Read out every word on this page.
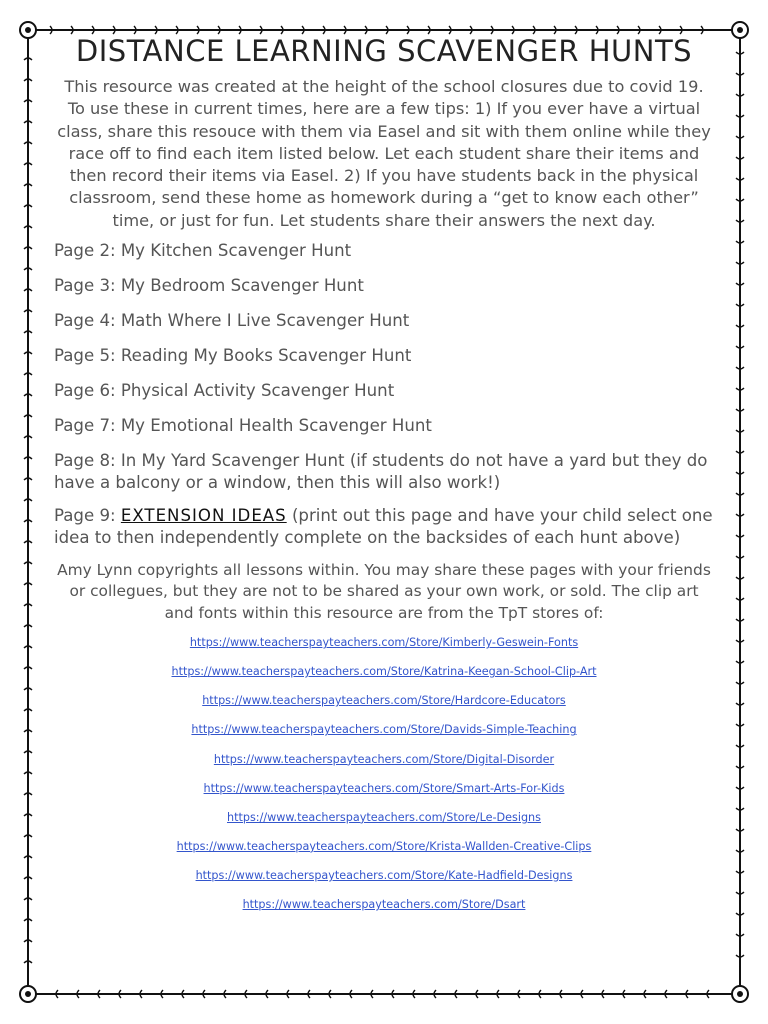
DISTANCE LEARNING SCAVENGER HUNTS

This resource was created at the height of the school closures due to covid 19. To use these in current times, here are a few tips: 1) If you ever have a virtual class, share this resouce with them via Easel and sit with them online while they race off to find each item listed below. Let each student share their items and then record their items via Easel. 2) If you have students back in the physical classroom, send these home as homework during a “get to know each other” time, or just for fun. Let students share their answers the next day.

Page 2: My Kitchen Scavenger Hunt

Page 3: My Bedroom Scavenger Hunt

Page 4: Math Where I Live Scavenger Hunt

Page 5: Reading My Books Scavenger Hunt

Page 6: Physical Activity Scavenger Hunt

Page 7: My Emotional Health Scavenger Hunt

Page 8: In My Yard Scavenger Hunt (if students do not have a yard but they do have a balcony or a window, then this will also work!)

Page 9: EXTENSION IDEAS (print out this page and have your child select one idea to then independently complete on the backsides of each hunt above)

Amy Lynn copyrights all lessons within. You may share these pages with your friends or collegues, but they are not to be shared as your own work, or sold. The clip art and fonts within this resource are from the TpT stores of:

https://www.teacherspayteachers.com/Store/Kimberly-Geswein-Fonts
https://www.teacherspayteachers.com/Store/Katrina-Keegan-School-Clip-Art
https://www.teacherspayteachers.com/Store/Hardcore-Educators
https://www.teacherspayteachers.com/Store/Davids-Simple-Teaching
https://www.teacherspayteachers.com/Store/Digital-Disorder
https://www.teacherspayteachers.com/Store/Smart-Arts-For-Kids
https://www.teacherspayteachers.com/Store/Le-Designs
https://www.teacherspayteachers.com/Store/Krista-Wallden-Creative-Clips
https://www.teacherspayteachers.com/Store/Kate-Hadfield-Designs
https://www.teacherspayteachers.com/Store/Dsart
